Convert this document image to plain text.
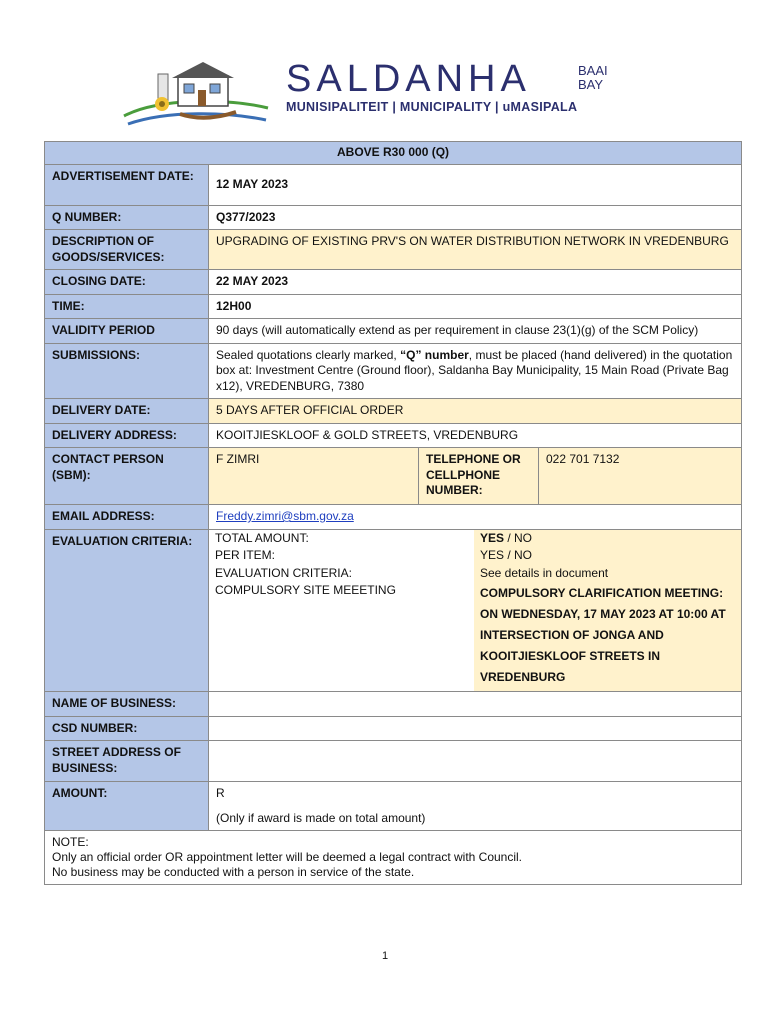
SALDANHA	BAAI
BAY
MUNISIPALITEIT | MUNICIPALITY | uMASIPALA
ABOVE R30 000 (Q)
ADVERTISEMENT DATE:	12 MAY 2023
Q NUMBER:	Q377/2023
DESCRIPTION OF GOODS/SERVICES:	UPGRADING OF EXISTING PRV'S ON WATER DISTRIBUTION NETWORK IN VREDENBURG
CLOSING DATE:	22 MAY 2023
TIME:	12H00
VALIDITY PERIOD	90 days (will automatically extend as per requirement in clause 23(1)(g) of the SCM Policy)
SUBMISSIONS:	Sealed quotations clearly marked, “Q” number, must be placed (hand delivered) in the quotation box at: Investment Centre (Ground floor), Saldanha Bay Municipality, 15 Main Road (Private Bag x12), VREDENBURG, 7380
DELIVERY DATE:	5 DAYS AFTER OFFICIAL ORDER
DELIVERY ADDRESS:	KOOITJIESKLOOF & GOLD STREETS, VREDENBURG
CONTACT PERSON (SBM):	F ZIMRI	TELEPHONE OR CELLPHONE NUMBER:	022 701 7132
EMAIL ADDRESS:	Freddy.zimri@sbm.gov.za
EVALUATION CRITERIA:	TOTAL AMOUNT:	YES / NO
PER ITEM:	YES / NO
EVALUATION CRITERIA:	See details in document
COMPULSORY SITE MEEETING	COMPULSORY CLARIFICATION MEETING: ON WEDNESDAY, 17 MAY 2023 AT 10:00 AT INTERSECTION OF JONGA AND KOOITJIESKLOOF STREETS IN VREDENBURG

NAME OF BUSINESS:	
CSD NUMBER:	
STREET ADDRESS OF BUSINESS:	
AMOUNT:	R
(Only if award is made on total amount)

NOTE:
Only an official order OR appointment letter will be deemed a legal contract with Council.
No business may be conducted with a person in service of the state.
1
